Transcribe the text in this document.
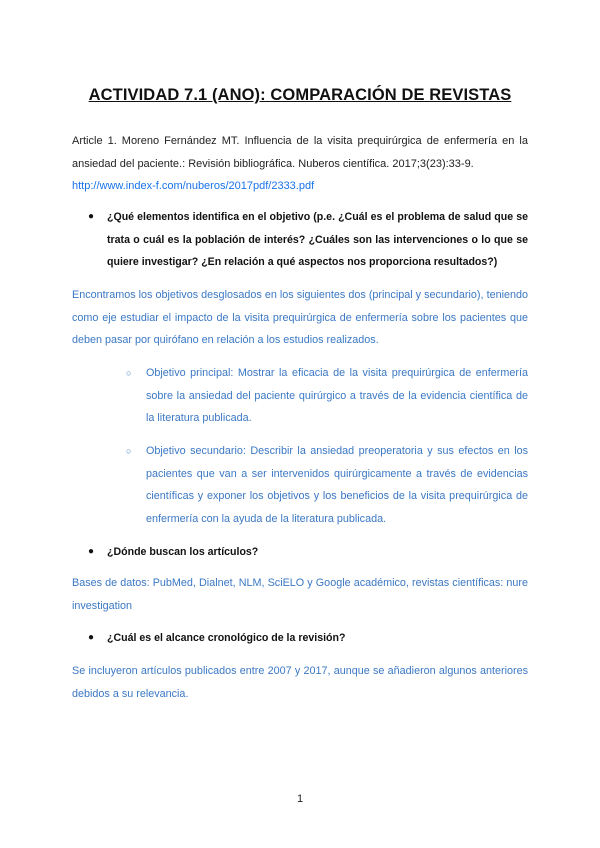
ACTIVIDAD 7.1 (ANO): COMPARACIÓN DE REVISTAS
Article 1. Moreno Fernández MT. Influencia de la visita prequirúrgica de enfermería en la ansiedad del paciente.: Revisión bibliográfica. Nuberos científica. 2017;3(23):33-9.
http://www.index-f.com/nuberos/2017pdf/2333.pdf
● ¿Qué elementos identifica en el objetivo (p.e. ¿Cuál es el problema de salud que se trata o cuál es la población de interés? ¿Cuáles son las intervenciones o lo que se quiere investigar? ¿En relación a qué aspectos nos proporciona resultados?)
Encontramos los objetivos desglosados en los siguientes dos (principal y secundario), teniendo como eje estudiar el impacto de la visita prequirúrgica de enfermería sobre los pacientes que deben pasar por quirófano en relación a los estudios realizados.
○ Objetivo principal: Mostrar la eficacia de la visita prequirúrgica de enfermería sobre la ansiedad del paciente quirúrgico a través de la evidencia científica de la literatura publicada.
○ Objetivo secundario: Describir la ansiedad preoperatoria y sus efectos en los pacientes que van a ser intervenidos quirúrgicamente a través de evidencias científicas y exponer los objetivos y los beneficios de la visita prequirúrgica de enfermería con la ayuda de la literatura publicada.
● ¿Dónde buscan los artículos?
Bases de datos: PubMed, Dialnet, NLM, SciELO y Google académico, revistas científicas: nure investigation
● ¿Cuál es el alcance cronológico de la revisión?
Se incluyeron artículos publicados entre 2007 y 2017, aunque se añadieron algunos anteriores debidos a su relevancia.
1
